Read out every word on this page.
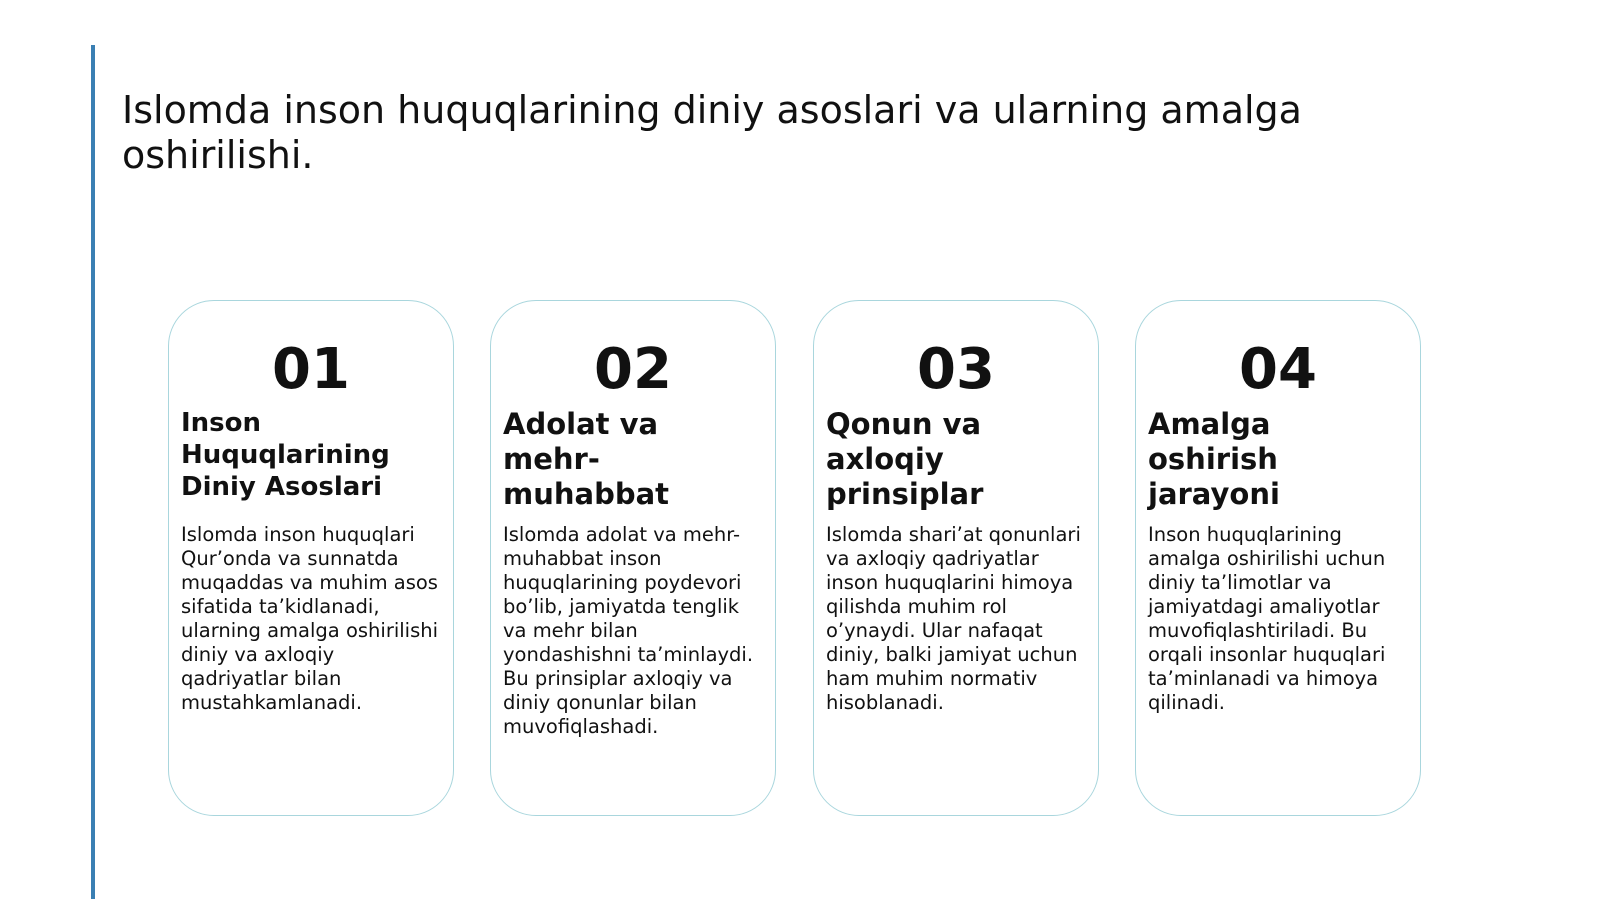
Islomda inson huquqlarining diniy asoslari va ularning amalga oshirilishi.
01
Inson Huquqlarining Diniy Asoslari

Islomda inson huquqlari Qur’onda va sunnatda muqaddas va muhim asos sifatida ta’kidlanadi, ularning amalga oshirilishi diniy va axloqiy qadriyatlar bilan mustahkamlanadi.

02
Adolat va mehr-muhabbat

Islomda adolat va mehr-muhabbat inson huquqlarining poydevori bo’lib, jamiyatda tenglik va mehr bilan yondashishni ta’minlaydi. Bu prinsiplar axloqiy va diniy qonunlar bilan muvofiqlashadi.

03
Qonun va axloqiy prinsiplar

Islomda shari’at qonunlari va axloqiy qadriyatlar inson huquqlarini himoya qilishda muhim rol o’ynaydi. Ular nafaqat diniy, balki jamiyat uchun ham muhim normativ hisoblanadi.

04
Amalga oshirish jarayoni

Inson huquqlarining amalga oshirilishi uchun diniy ta’limotlar va jamiyatdagi amaliyotlar muvofiqlashtiriladi. Bu orqali insonlar huquqlari ta’minlanadi va himoya qilinadi.
